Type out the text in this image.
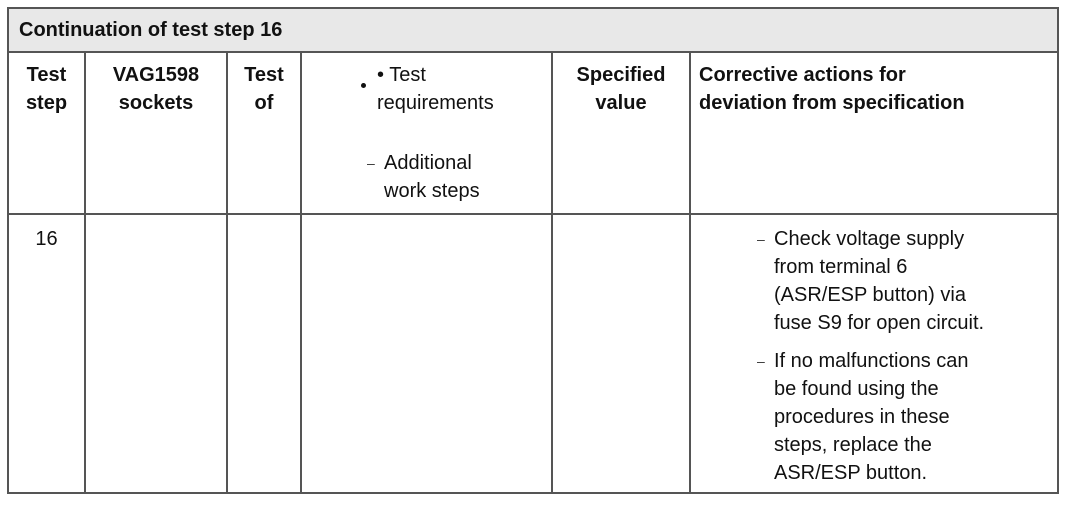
Continuation of test step 16
Test
step
VAG1598
sockets
Test
of
• Test
requirements
– Additional
work steps
Specified
value
Corrective actions for
deviation from specification
16	– Check voltage supply
from terminal 6
(ASR/ESP button) via
fuse S9 for open circuit.
– If no malfunctions can
be found using the
procedures in these
steps, replace the
ASR/ESP button.
